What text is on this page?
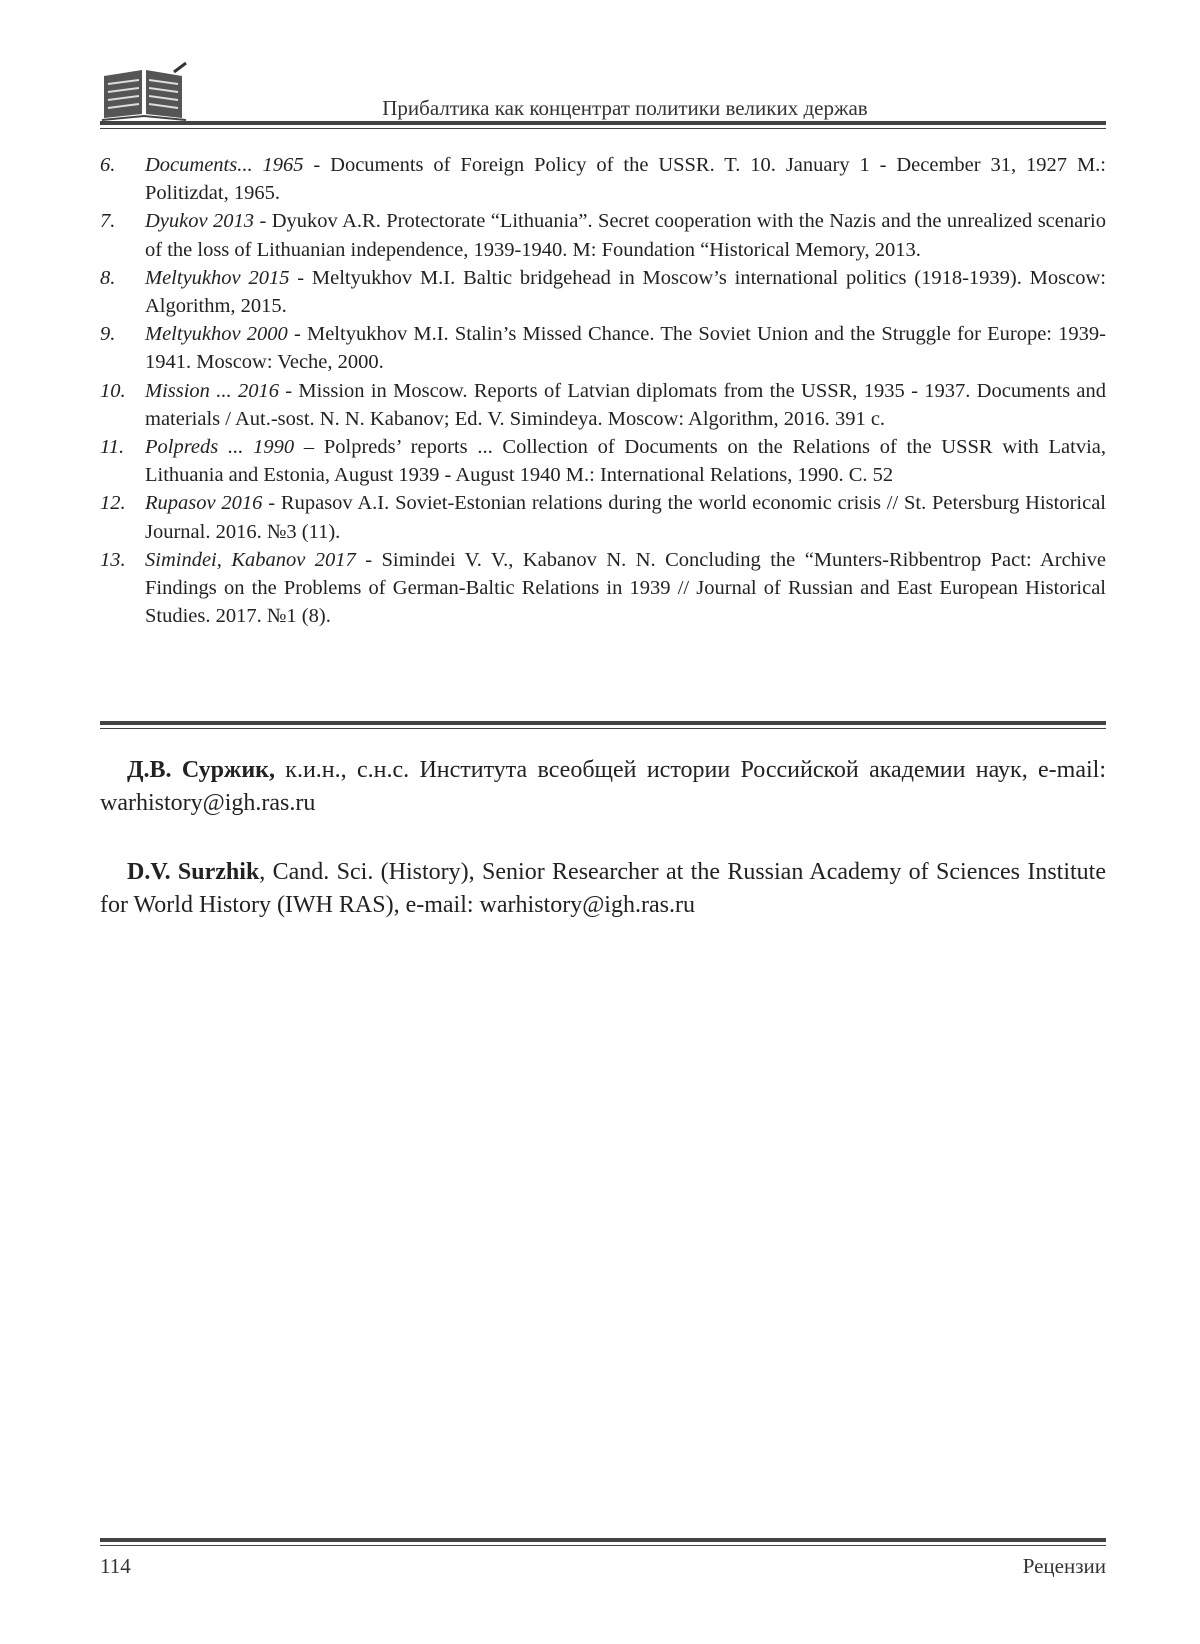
Прибалтика как концентрат политики великих держав
6.	Documents... 1965 - Documents of Foreign Policy of the USSR. T. 10. January 1 - December 31, 1927 M.: Politizdat, 1965.
7.	Dyukov 2013 - Dyukov A.R. Protectorate “Lithuania”. Secret cooperation with the Nazis and the unrealized scenario of the loss of Lithuanian independence, 1939-1940. M: Foundation “Historical Memory, 2013.
8.	Meltyukhov 2015 - Meltyukhov M.I. Baltic bridgehead in Moscow’s international politics (1918-1939). Moscow: Algorithm, 2015.
9.	Meltyukhov 2000 - Meltyukhov M.I. Stalin’s Missed Chance. The Soviet Union and the Struggle for Europe: 1939-1941. Moscow: Veche, 2000.
10. Mission ... 2016 - Mission in Moscow. Reports of Latvian diplomats from the USSR, 1935 - 1937. Documents and materials / Aut.-sost. N. N. Kabanov; Ed. V. Simindeya. Moscow: Algorithm, 2016. 391 c.
11.	Polpreds ... 1990 – Polpreds’ reports ... Collection of Documents on the Relations of the USSR with Latvia, Lithuania and Estonia, August 1939 - August 1940 M.: International Relations, 1990. C. 52
12. Rupasov 2016 - Rupasov A.I. Soviet-Estonian relations during the world economic crisis // St. Petersburg Historical Journal. 2016. №3 (11).
13. Simindei, Kabanov 2017 - Simindei V. V., Kabanov N. N. Concluding the “Munters-Ribbentrop Pact: Archive Findings on the Problems of German-Baltic Relations in 1939 // Journal of Russian and East European Historical Studies. 2017. №1 (8).

Д.В. Суржик, к.и.н., с.н.с. Института всеобщей истории Российской академии наук, e-mail: warhistory@igh.ras.ru

D.V. Surzhik, Cand. Sci. (History), Senior Researcher at the Russian Academy of Sciences Institute for World History (IWH RAS), e-mail: warhistory@igh.ras.ru

114	Рецензии
